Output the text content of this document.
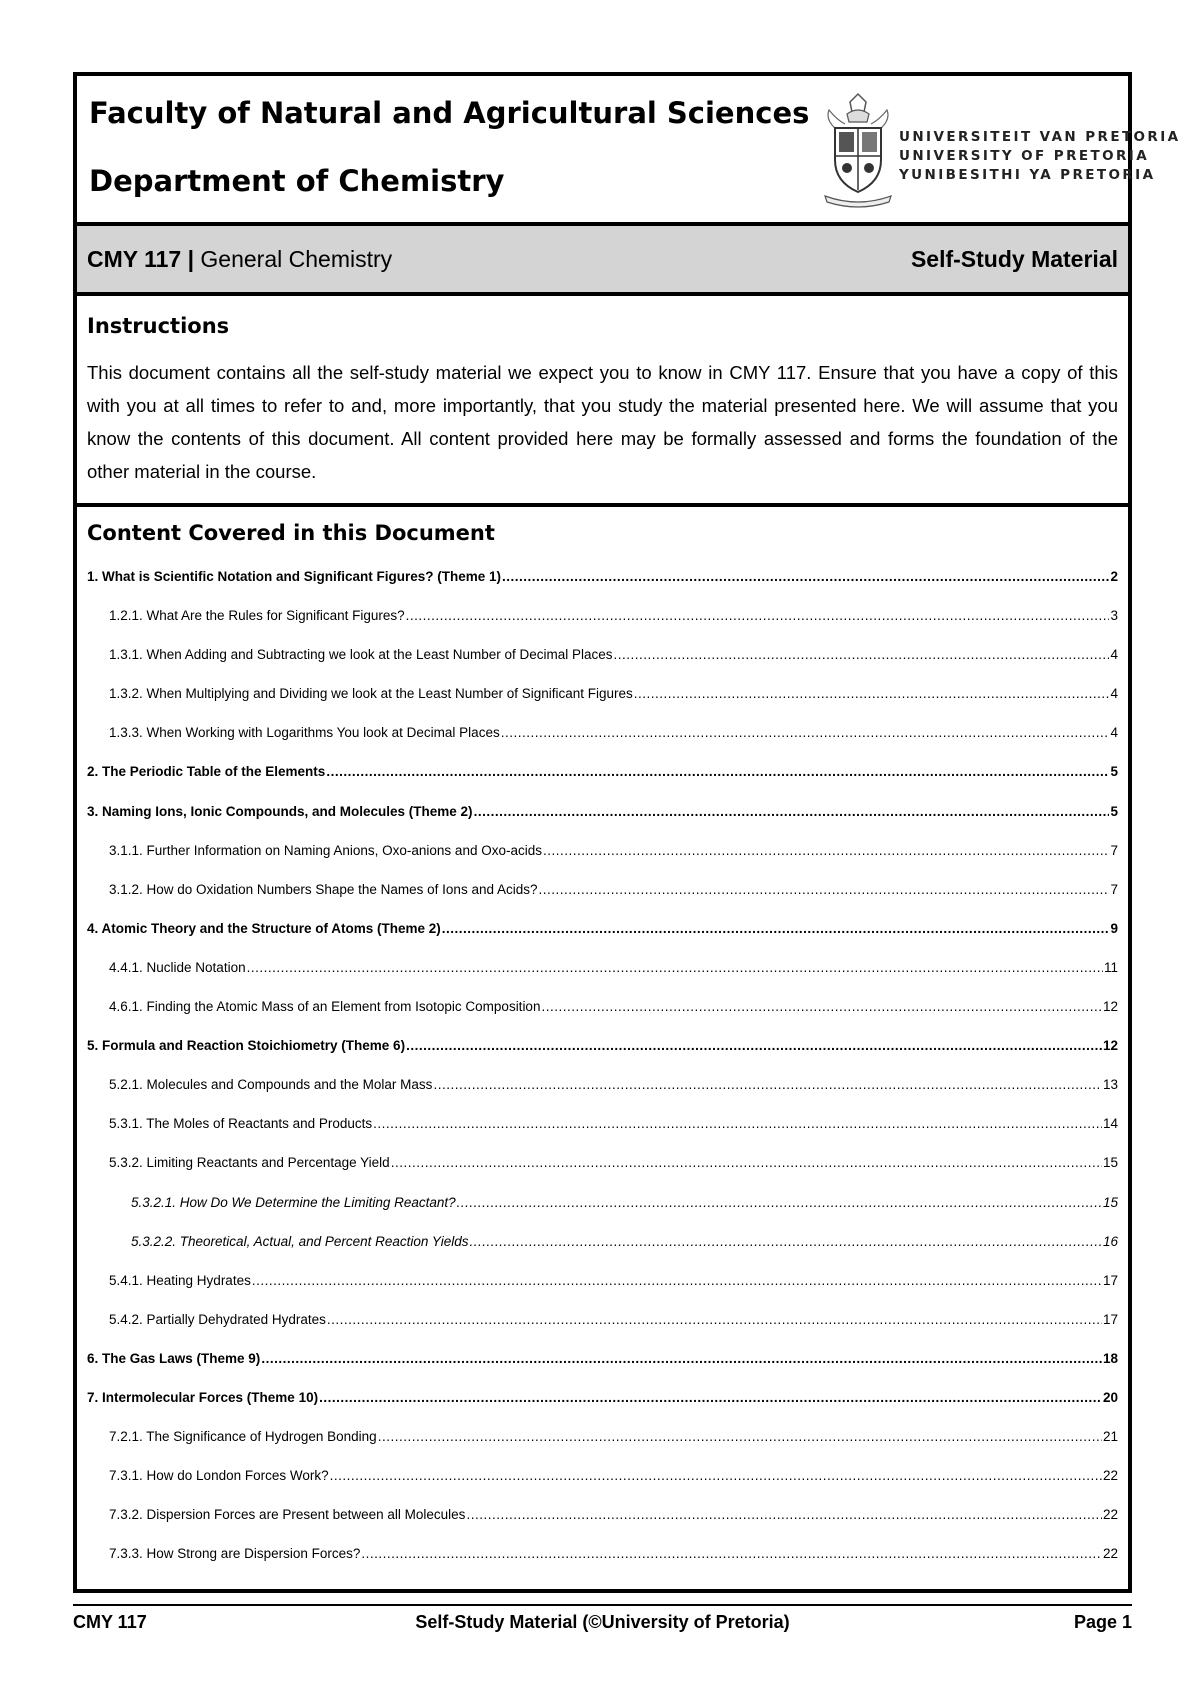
Faculty of Natural and Agricultural Sciences
Department of Chemistry
UNIVERSITEIT VAN PRETORIA
UNIVERSITY OF PRETORIA
YUNIBESITHI YA PRETORIA
CMY 117 | General Chemistry	Self-Study Material
Instructions
This document contains all the self-study material we expect you to know in CMY 117. Ensure that you have a copy of this with you at all times to refer to and, more importantly, that you study the material presented here. We will assume that you know the contents of this document. All content provided here may be formally assessed and forms the foundation of the other material in the course.
Content Covered in this Document
1. What is Scientific Notation and Significant Figures? (Theme 1) .....	2
1.2.1. What Are the Rules for Significant Figures? .....	3
1.3.1. When Adding and Subtracting we look at the Least Number of Decimal Places .....	4
1.3.2. When Multiplying and Dividing we look at the Least Number of Significant Figures .....	4
1.3.3. When Working with Logarithms You look at Decimal Places .....	4
2. The Periodic Table of the Elements .....	5
3. Naming Ions, Ionic Compounds, and Molecules (Theme 2) .....	5
3.1.1. Further Information on Naming Anions, Oxo-anions and Oxo-acids .....	7
3.1.2. How do Oxidation Numbers Shape the Names of Ions and Acids? .....	7
4. Atomic Theory and the Structure of Atoms (Theme 2) .....	9
4.4.1. Nuclide Notation .....	11
4.6.1. Finding the Atomic Mass of an Element from Isotopic Composition .....	12
5. Formula and Reaction Stoichiometry (Theme 6) .....	12
5.2.1. Molecules and Compounds and the Molar Mass .....	13
5.3.1. The Moles of Reactants and Products .....	14
5.3.2. Limiting Reactants and Percentage Yield .....	15
5.3.2.1. How Do We Determine the Limiting Reactant? .....	15
5.3.2.2. Theoretical, Actual, and Percent Reaction Yields .....	16
5.4.1. Heating Hydrates .....	17
5.4.2. Partially Dehydrated Hydrates .....	17
6. The Gas Laws (Theme 9) .....	18
7. Intermolecular Forces (Theme 10) .....	20
7.2.1. The Significance of Hydrogen Bonding .....	21
7.3.1. How do London Forces Work? .....	22
7.3.2. Dispersion Forces are Present between all Molecules .....	22
7.3.3. How Strong are Dispersion Forces? .....	22
CMY 117	Self-Study Material (©University of Pretoria)	Page 1
